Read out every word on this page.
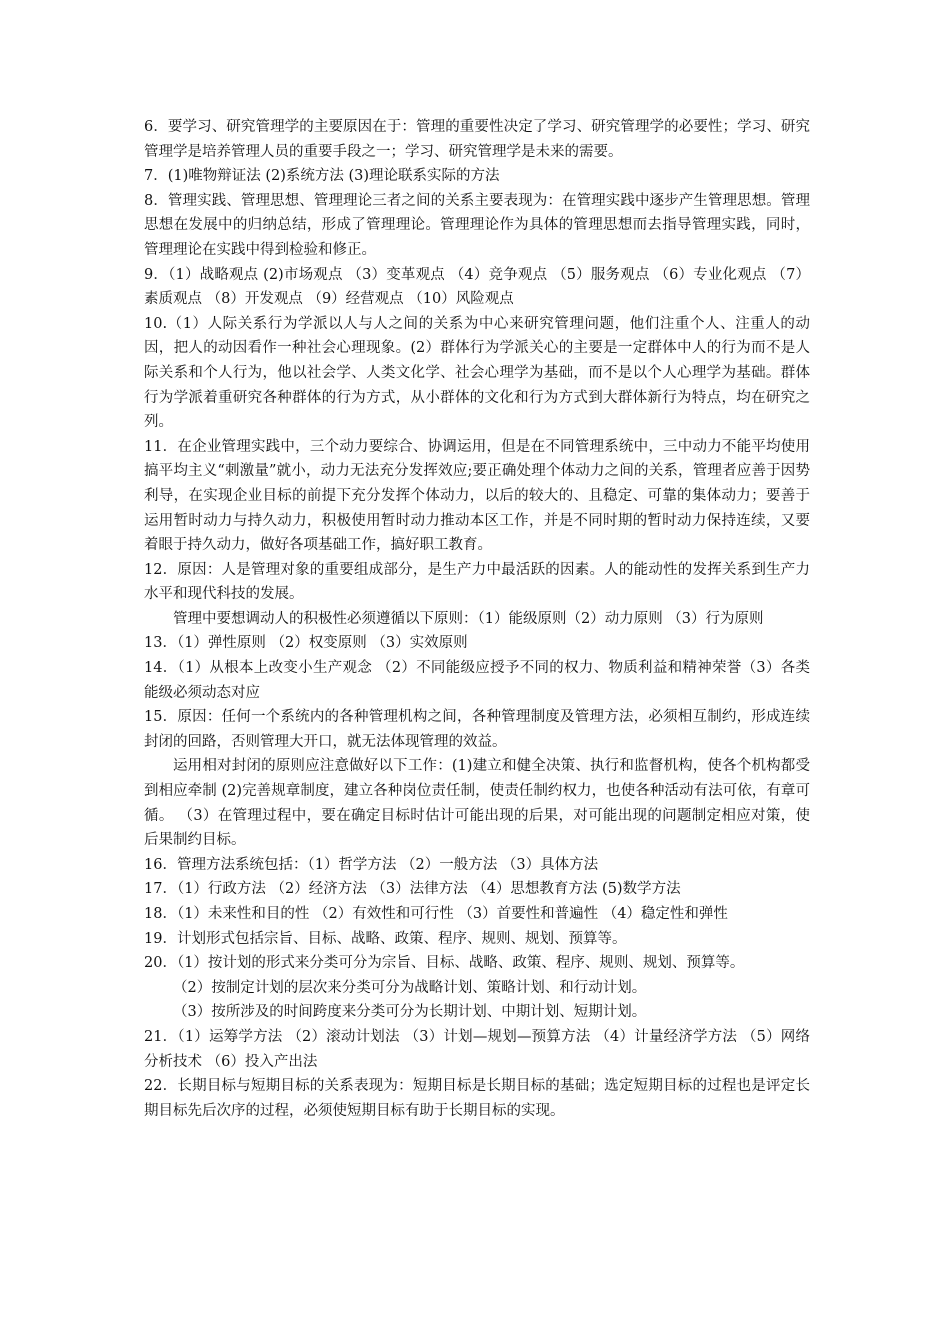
6．要学习、研究管理学的主要原因在于：管理的重要性决定了学习、研究管理学的必要性；学习、研究管理学是培养管理人员的重要手段之一；学习、研究管理学是未来的需要。

7．(1)唯物辩证法 (2)系统方法 (3)理论联系实际的方法

8．管理实践、管理思想、管理理论三者之间的关系主要表现为：在管理实践中逐步产生管理思想。管理思想在发展中的归纳总结，形成了管理理论。管理理论作为具体的管理思想而去指导管理实践，同时，管理理论在实践中得到检验和修正。

9．（1）战略观点 (2)市场观点 （3）变革观点 （4）竞争观点 （5）服务观点 （6）专业化观点 （7）素质观点 （8）开发观点 （9）经营观点 （10）风险观点

10.（1）人际关系行为学派以人与人之间的关系为中心来研究管理问题，他们注重个人、注重人的动因，把人的动因看作一种社会心理现象。(2）群体行为学派关心的主要是一定群体中人的行为而不是人际关系和个人行为，他以社会学、人类文化学、社会心理学为基础，而不是以个人心理学为基础。群体行为学派着重研究各种群体的行为方式，从小群体的文化和行为方式到大群体新行为特点，均在研究之列。

11．在企业管理实践中，三个动力要综合、协调运用，但是在不同管理系统中，三中动力不能平均使用搞平均主义“刺激量”就小，动力无法充分发挥效应;要正确处理个体动力之间的关系，管理者应善于因势利导，在实现企业目标的前提下充分发挥个体动力，以后的较大的、且稳定、可靠的集体动力；要善于运用暂时动力与持久动力，积极使用暂时动力推动本区工作，并是不同时期的暂时动力保持连续，又要着眼于持久动力，做好各项基础工作，搞好职工教育。

12．原因：人是管理对象的重要组成部分，是生产力中最活跃的因素。人的能动性的发挥关系到生产力水平和现代科技的发展。

管理中要想调动人的积极性必须遵循以下原则：（1）能级原则（2）动力原则 （3）行为原则

13．（1）弹性原则 （2）权变原则 （3）实效原则

14．（1）从根本上改变小生产观念 （2）不同能级应授予不同的权力、物质利益和精神荣誉（3）各类能级必须动态对应

15．原因：任何一个系统内的各种管理机构之间，各种管理制度及管理方法，必须相互制约，形成连续封闭的回路，否则管理大开口，就无法体现管理的效益。

运用相对封闭的原则应注意做好以下工作：(1)建立和健全决策、执行和监督机构，使各个机构都受到相应牵制 (2)完善规章制度，建立各种岗位责任制，使责任制约权力，也使各种活动有法可依，有章可循。 （3）在管理过程中，要在确定目标时估计可能出现的后果，对可能出现的问题制定相应对策，使后果制约目标。

16．管理方法系统包括：（1）哲学方法 （2）一般方法 （3）具体方法

17．（1）行政方法 （2）经济方法 （3）法律方法 （4）思想教育方法 (5)数学方法

18．（1）未来性和目的性 （2）有效性和可行性 （3）首要性和普遍性 （4）稳定性和弹性

19．计划形式包括宗旨、目标、战略、政策、程序、规则、规划、预算等。

20．（1）按计划的形式来分类可分为宗旨、目标、战略、政策、程序、规则、规划、预算等。

（2）按制定计划的层次来分类可分为战略计划、策略计划、和行动计划。

（3）按所涉及的时间跨度来分类可分为长期计划、中期计划、短期计划。

21．（1）运筹学方法 （2）滚动计划法 （3）计划—规划—预算方法 （4）计量经济学方法 （5）网络分析技术 （6）投入产出法

22．长期目标与短期目标的关系表现为：短期目标是长期目标的基础；选定短期目标的过程也是评定长期目标先后次序的过程，必须使短期目标有助于长期目标的实现。
